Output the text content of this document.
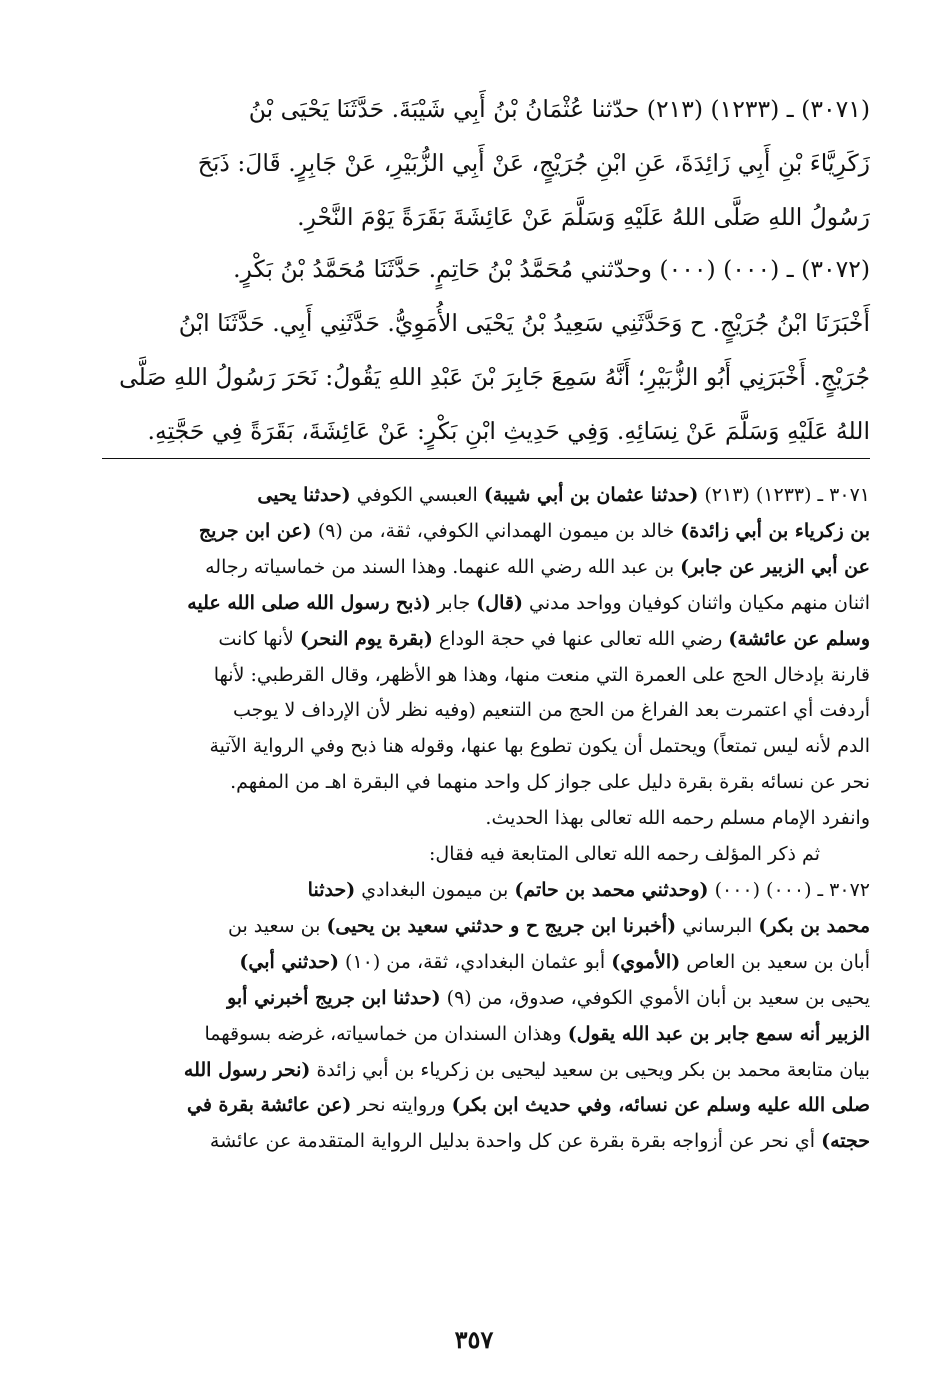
(٣٠٧١) ـ (١٢٣٣) (٢١٣) حدّثنا عُثْمَانُ بْنُ أَبِي شَيْبَةَ. حَدَّثَنَا يَحْيَى بْنُ

زَكَرِيَّاءَ بْنِ أَبِي زَائِدَةَ، عَنِ ابْنِ جُرَيْجٍ، عَنْ أَبِي الزُّبَيْرِ، عَنْ جَابِرٍ. قَالَ: ذَبَحَ

رَسُولُ اللهِ صَلَّى اللهُ عَلَيْهِ وَسَلَّمَ عَنْ عَائِشَةَ بَقَرَةً يَوْمَ النَّحْرِ.

(٣٠٧٢) ـ (٠٠٠) (٠٠٠) وحدّثني مُحَمَّدُ بْنُ حَاتِمٍ. حَدَّثَنَا مُحَمَّدُ بْنُ بَكْرٍ.

أَخْبَرَنَا ابْنُ جُرَيْجٍ. ح وَحَدَّثَنِي سَعِيدُ بْنُ يَحْيَى الأُمَوِيُّ. حَدَّثَنِي أَبِي. حَدَّثَنَا ابْنُ

جُرَيْجٍ. أَخْبَرَنِي أَبُو الزُّبَيْرِ؛ أَنَّهُ سَمِعَ جَابِرَ بْنَ عَبْدِ اللهِ يَقُولُ: نَحَرَ رَسُولُ اللهِ صَلَّى

اللهُ عَلَيْهِ وَسَلَّمَ عَنْ نِسَائِهِ. وَفِي حَدِيثِ ابْنِ بَكْرٍ: عَنْ عَائِشَةَ، بَقَرَةً فِي حَجَّتِهِ.

٣٠٧١ ـ (١٢٣٣) (٢١٣) (حدثنا عثمان بن أبي شيبة) العبسي الكوفي (حدثنا يحيى

بن زكرياء بن أبي زائدة) خالد بن ميمون الهمداني الكوفي، ثقة، من (٩) (عن ابن جريج

عن أبي الزبير عن جابر) بن عبد الله رضي الله عنهما. وهذا السند من خماسياته رجاله

اثنان منهم مكيان واثنان كوفيان وواحد مدني (قال) جابر (ذبح رسول الله صلى الله عليه

وسلم عن عائشة) رضي الله تعالى عنها في حجة الوداع (بقرة يوم النحر) لأنها كانت

قارنة بإدخال الحج على العمرة التي منعت منها، وهذا هو الأظهر، وقال القرطبي: لأنها

أردفت أي اعتمرت بعد الفراغ من الحج من التنعيم (وفيه نظر لأن الإرداف لا يوجب

الدم لأنه ليس تمتعاً) ويحتمل أن يكون تطوع بها عنها، وقوله هنا ذبح وفي الرواية الآتية

نحر عن نسائه بقرة بقرة دليل على جواز كل واحد منهما في البقرة اهـ من المفهم.

وانفرد الإمام مسلم رحمه الله تعالى بهذا الحديث.

ثم ذكر المؤلف رحمه الله تعالى المتابعة فيه فقال:

٣٠٧٢ ـ (٠٠٠) (٠٠٠) (وحدثني محمد بن حاتم) بن ميمون البغدادي (حدثنا

محمد بن بكر) البرساني (أخبرنا ابن جريج ح و حدثني سعيد بن يحيى) بن سعيد بن

أبان بن سعيد بن العاص (الأموي) أبو عثمان البغدادي، ثقة، من (١٠) (حدثني أبي)

يحيى بن سعيد بن أبان الأموي الكوفي، صدوق، من (٩) (حدثنا ابن جريج أخبرني أبو

الزبير أنه سمع جابر بن عبد الله يقول) وهذان السندان من خماسياته، غرضه بسوقهما

بيان متابعة محمد بن بكر ويحيى بن سعيد ليحيى بن زكرياء بن أبي زائدة (نحر رسول الله

صلى الله عليه وسلم عن نسائه، وفي حديث ابن بكر) وروايته نحر (عن عائشة بقرة في

حجته) أي نحر عن أزواجه بقرة بقرة عن كل واحدة بدليل الرواية المتقدمة عن عائشة

٣٥٧
